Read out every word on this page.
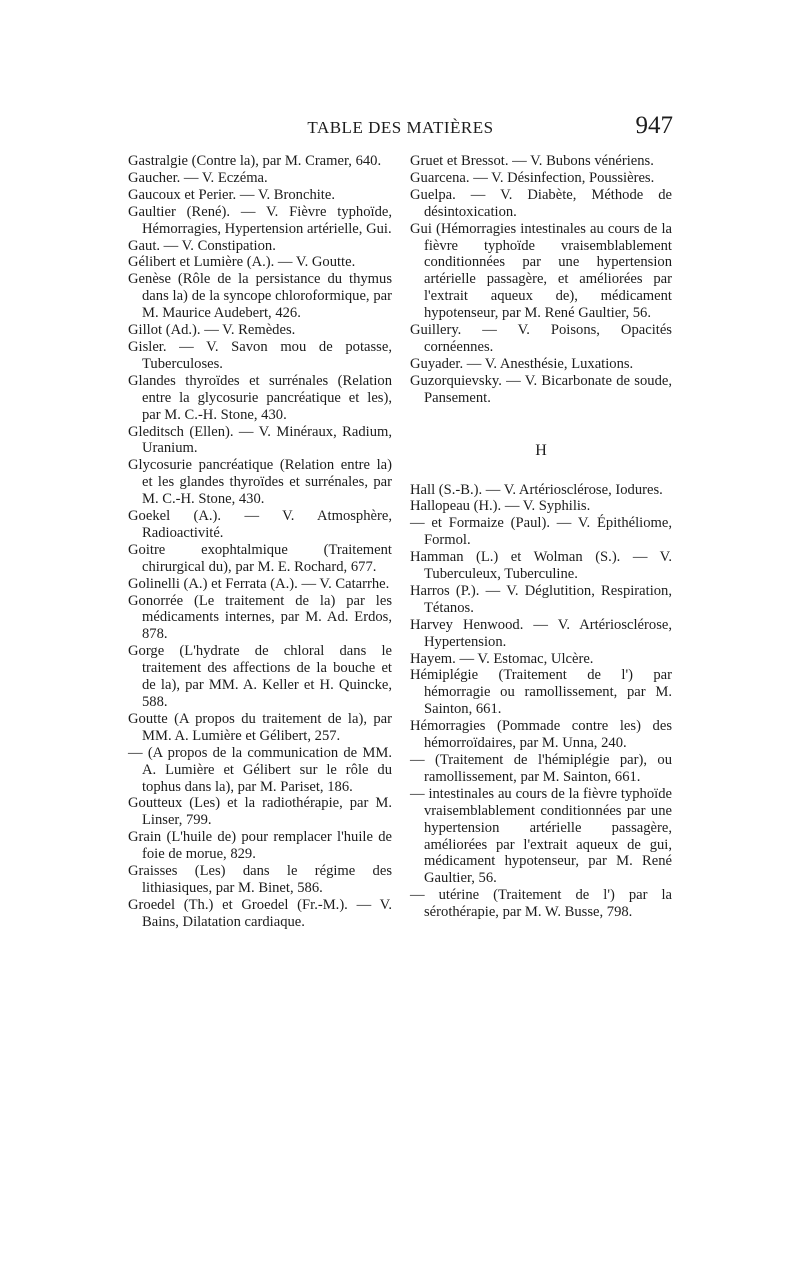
TABLE DES MATIÈRES	947

Gastralgie (Contre la), par M. Cramer, 640.

Gaucher. — V. Eczéma.

Gaucoux et Perier. — V. Bronchite.

Gaultier (René). — V. Fièvre typhoïde, Hémorragies, Hypertension artérielle, Gui.

Gaut. — V. Constipation.

Gélibert et Lumière (A.). — V. Goutte.

Genèse (Rôle de la persistance du thymus dans la) de la syncope chloroformique, par M. Maurice Audebert, 426.

Gillot (Ad.). — V. Remèdes.

Gisler. — V. Savon mou de potasse, Tuberculoses.

Glandes thyroïdes et surrénales (Relation entre la glycosurie pancréatique et les), par M. C.-H. Stone, 430.

Gleditsch (Ellen). — V. Minéraux, Radium, Uranium.

Glycosurie pancréatique (Relation entre la) et les glandes thyroïdes et surrénales, par M. C.-H. Stone, 430.

Goekel (A.). — V. Atmosphère, Radioactivité.

Goitre exophtalmique (Traitement chirurgical du), par M. E. Rochard, 677.

Golinelli (A.) et Ferrata (A.). — V. Catarrhe.

Gonorrée (Le traitement de la) par les médicaments internes, par M. Ad. Erdos, 878.

Gorge (L'hydrate de chloral dans le traitement des affections de la bouche et de la), par MM. A. Keller et H. Quincke, 588.

Goutte (A propos du traitement de la), par MM. A. Lumière et Gélibert, 257.

— (A propos de la communication de MM. A. Lumière et Gélibert sur le rôle du tophus dans la), par M. Pariset, 186.

Goutteux (Les) et la radiothérapie, par M. Linser, 799.

Grain (L'huile de) pour remplacer l'huile de foie de morue, 829.

Graisses (Les) dans le régime des lithiasiques, par M. Binet, 586.

Groedel (Th.) et Groedel (Fr.-M.). — V. Bains, Dilatation cardiaque.

Gruet et Bressot. — V. Bubons vénériens.

Guarcena. — V. Désinfection, Poussières.

Guelpa. — V. Diabète, Méthode de désintoxication.

Gui (Hémorragies intestinales au cours de la fièvre typhoïde vraisemblablement conditionnées par une hypertension artérielle passagère, et améliorées par l'extrait aqueux de), médicament hypotenseur, par M. René Gaultier, 56.

Guillery. — V. Poisons, Opacités cornéennes.

Guyader. — V. Anesthésie, Luxations.

Guzorquievsky. — V. Bicarbonate de soude, Pansement.

H

Hall (S.-B.). — V. Artériosclérose, Iodures.

Hallopeau (H.). — V. Syphilis.

— et Formaize (Paul). — V. Épithéliome, Formol.

Hamman (L.) et Wolman (S.). — V. Tuberculeux, Tuberculine.

Harros (P.). — V. Déglutition, Respiration, Tétanos.

Harvey Henwood. — V. Artériosclérose, Hypertension.

Hayem. — V. Estomac, Ulcère.

Hémiplégie (Traitement de l') par hémorragie ou ramollissement, par M. Sainton, 661.

Hémorragies (Pommade contre les) des hémorroïdaires, par M. Unna, 240.

— (Traitement de l'hémiplégie par), ou ramollissement, par M. Sainton, 661.

— intestinales au cours de la fièvre typhoïde vraisemblablement conditionnées par une hypertension artérielle passagère, améliorées par l'extrait aqueux de gui, médicament hypotenseur, par M. René Gaultier, 56.

— utérine (Traitement de l') par la sérothérapie, par M. W. Busse, 798.
